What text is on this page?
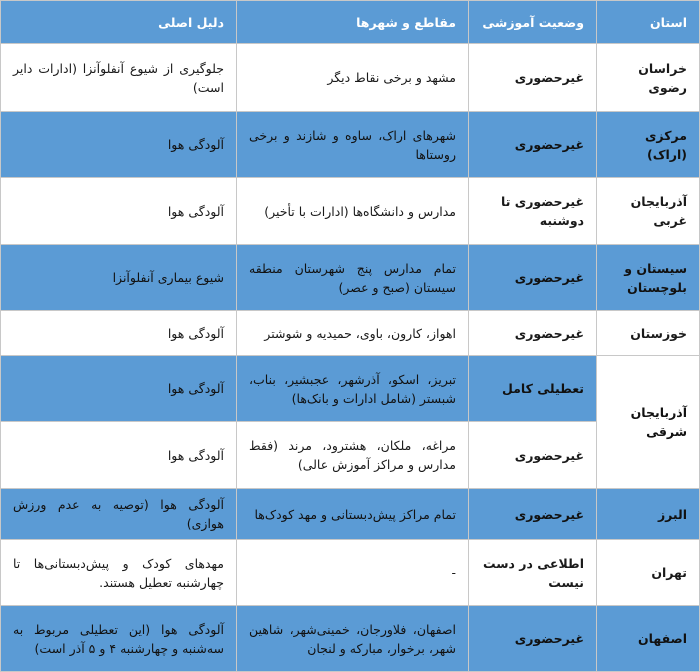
استان	وضعیت آموزشی	مقاطع و شهرها	دلیل اصلی
خراسان رضوی	غیرحضوری	مشهد و برخی نقاط دیگر	جلوگیری از شیوع آنفلوآنزا (ادارات دایر است)
مرکزی (اراک)	غیرحضوری	شهرهای اراک، ساوه و شازند و برخی روستاها	آلودگی هوا
آذربایجان غربی	غیرحضوری تا دوشنبه	مدارس و دانشگاه‌ها (ادارات با تأخیر)	آلودگی هوا
سیستان و بلوچستان	غیرحضوری	تمام مدارس پنج شهرستان منطقه سیستان (صبح و عصر)	شیوع بیماری آنفلوآنزا
خوزستان	غیرحضوری	اهواز، کارون، باوی، حمیدیه و شوشتر	آلودگی هوا
آذربایجان شرقی	تعطیلی کامل	تبریز، اسکو، آذرشهر، عجبشیر، بناب، شبستر (شامل ادارات و بانک‌ها)	آلودگی هوا
	غیرحضوری	مراغه، ملکان، هشترود، مرند (فقط مدارس و مراکز آموزش عالی)	آلودگی هوا
البرز	غیرحضوری	تمام مراکز پیش‌دبستانی و مهد کودک‌ها	آلودگی هوا (توصیه به عدم ورزش هوازی)
تهران	اطلاعی در دست نیست	-	مهدهای کودک و پیش‌دبستانی‌ها تا چهارشنبه تعطیل هستند.
اصفهان	غیرحضوری	اصفهان، فلاورجان، خمینی‌شهر، شاهین شهر، برخوار، مبارکه و لنجان	آلودگی هوا (این تعطیلی مربوط به سه‌شنبه و چهارشنبه ۴ و ۵ آذر است)
